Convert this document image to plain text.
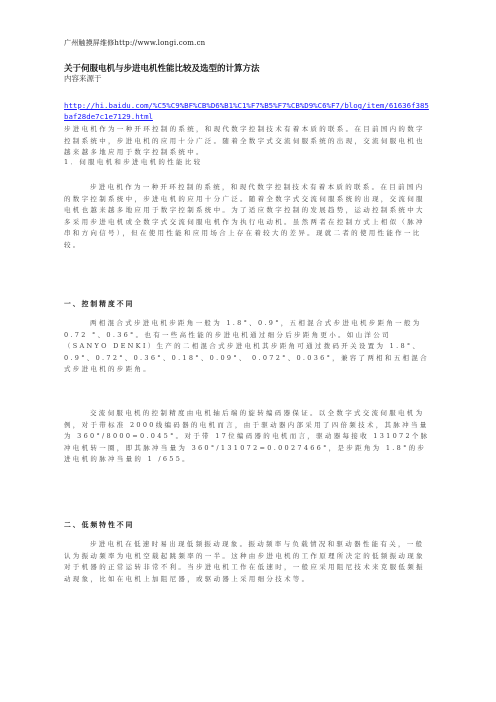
广州触摸屏维修http://www.longi.com.cn
关于伺服电机与步进电机性能比较及选型的计算方法
内容来源于
http://hi.baidu.com/%C5%C9%BF%CB%D6%B1%C1%F7%B5%F7%CB%D9%C6%F7/blog/item/61636f385baf28de7c1e7129.html

步进电机作为一种开环控制的系统，和现代数字控制技术有着本质的联系。在目前国内的数字控制系统中，步进电机的应用十分广泛。随着全数字式交流伺服系统的出现，交流伺服电机也越来越多地应用于数字控制系统中。

1．伺服电机和步进电机的性能比较

步进电机作为一种开环控制的系统，和现代数字控制技术有着本质的联系。在目前国内的数字控制系统中，步进电机的应用十分广泛。随着全数字式交流伺服系统的出现，交流伺服电机也越来越多地应用于数字控制系统中。为了适应数字控制的发展趋势，运动控制系统中大多采用步进电机或全数字式交流伺服电机作为执行电动机。虽然两者在控制方式上相似（脉冲串和方向信号），但在使用性能和应用场合上存在着较大的差异。现就二者的使用性能作一比较。

一、控制精度不同

两相混合式步进电机步距角一般为 1.8°、0.9°，五相混合式步进电机步距角一般为 0.72 °、0.36°。也有一些高性能的步进电机通过细分后步距角更小。如山洋公司（SANYO DENKI）生产的二相混合式步进电机其步距角可通过拨码开关设置为 1.8°、0.9°、0.72°、0.36°、0.18°、0.09°、 0.072°、0.036°，兼容了两相和五相混合式步进电机的步距角。

交流伺服电机的控制精度由电机轴后端的旋转编码器保证。以全数字式交流伺服电机为例，对于带标准 2000线编码器的电机而言，由于驱动器内部采用了四倍频技术，其脉冲当量为 360°/8000=0.045°。对于带 17位编码器的电机而言，驱动器每接收 131072个脉冲电机转一圈，即其脉冲当量为 360°/131072=0.0027466°，是步距角为 1.8°的步进电机的脉冲当量的 1 /655。

二、低频特性不同

步进电机在低速时易出现低频振动现象。振动频率与负载情况和驱动器性能有关，一般认为振动频率为电机空载起跳频率的一半。这种由步进电机的工作原理所决定的低频振动现象对于机器的正常运转非常不利。当步进电机工作在低速时，一般应采用阻尼技术来克服低频振动现象，比如在电机上加阻尼器，或驱动器上采用细分技术等。
